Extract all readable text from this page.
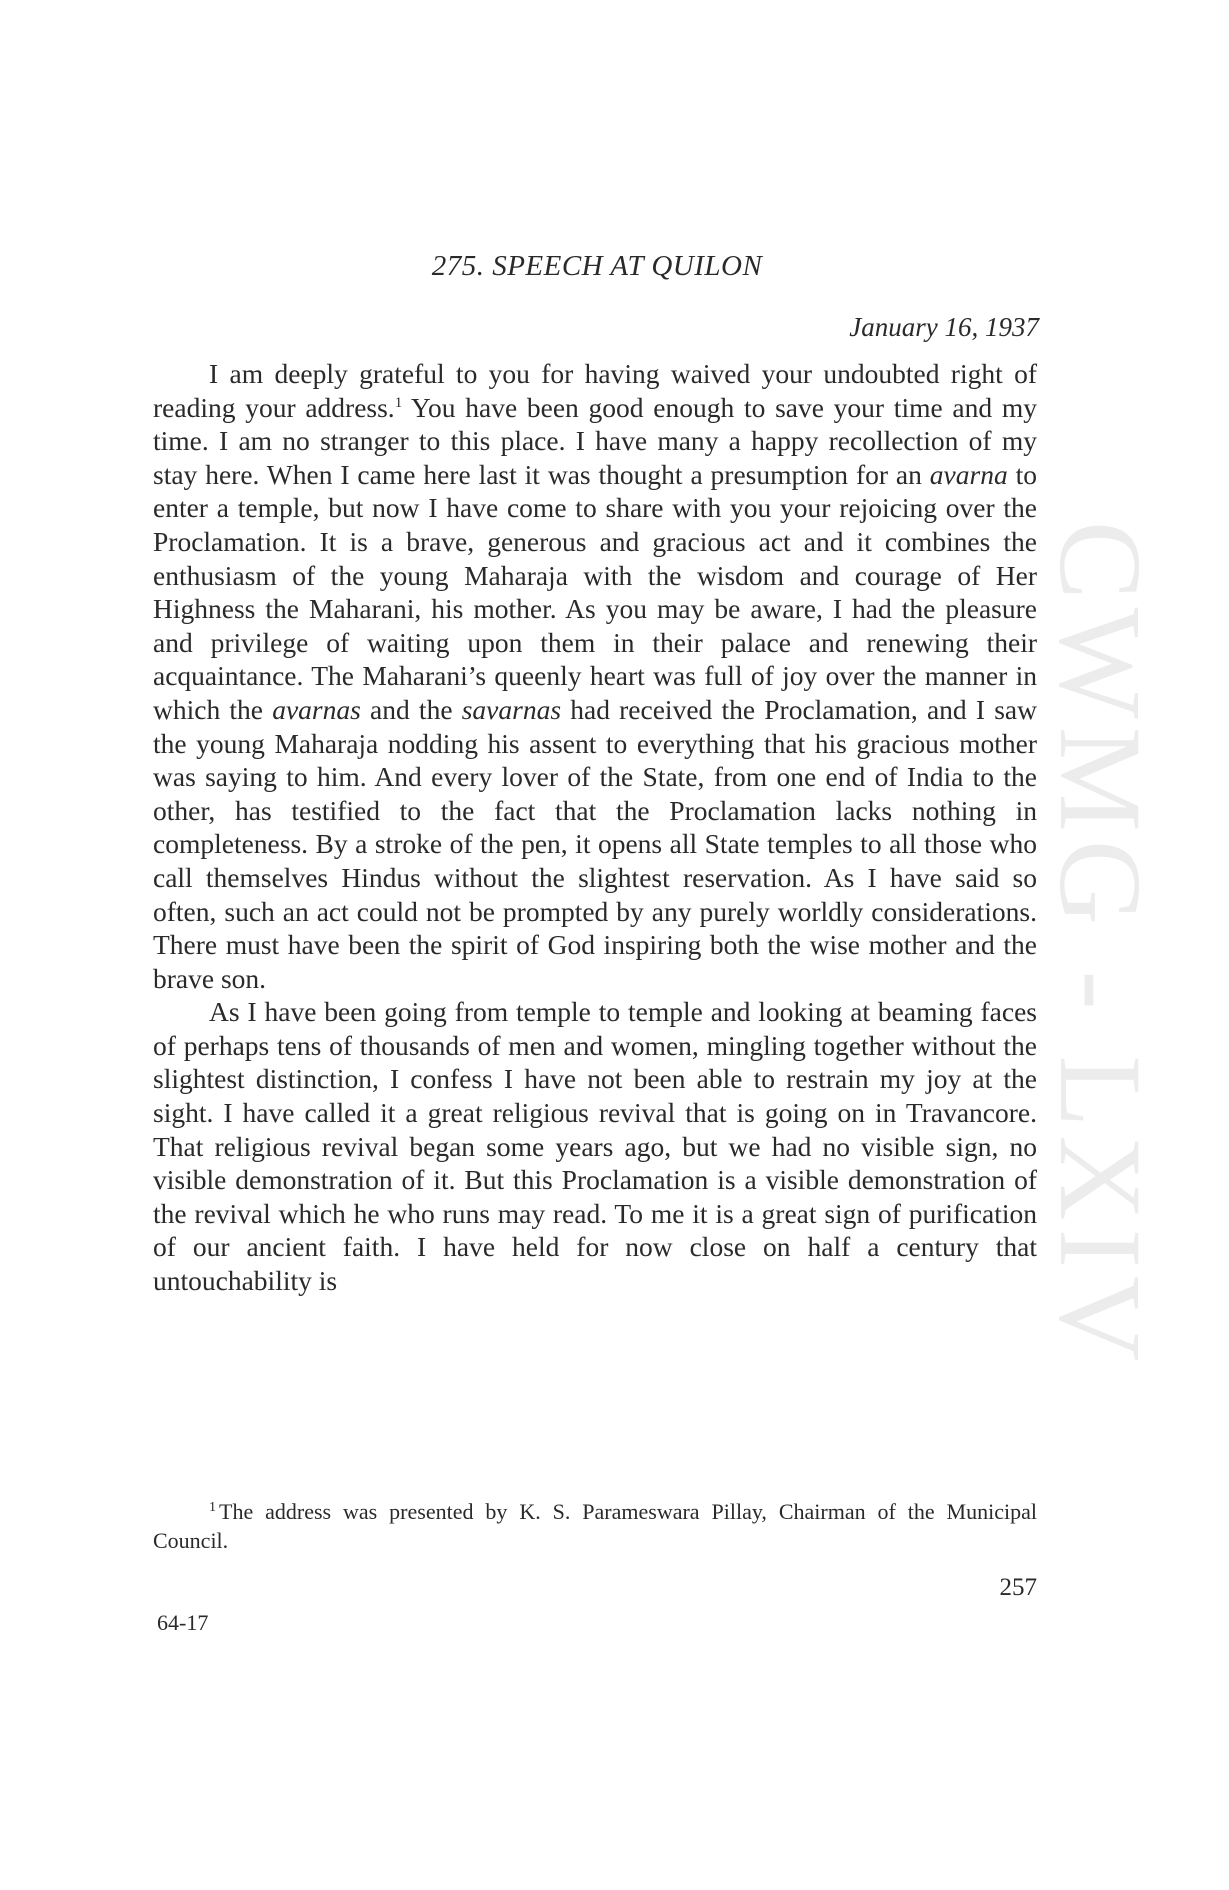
CWMG - LXIV
275. SPEECH AT QUILON
January 16, 1937

I am deeply grateful to you for having waived your undoubted right of reading your address.$^1$ You have been good enough to save your time and my time. I am no stranger to this place. I have many a happy recollection of my stay here. When I came here last it was thought a presumption for an avarna to enter a temple, but now I have come to share with you your rejoicing over the Proclamation. It is a brave, generous and gracious act and it combines the enthusiasm of the young Maharaja with the wisdom and courage of Her Highness the Maharani, his mother. As you may be aware, I had the pleasure and privilege of waiting upon them in their palace and renewing their acquaintance. The Maharani’s queenly heart was full of joy over the manner in which the avarnas and the savarnas had received the Proclamation, and I saw the young Maharaja nodding his assent to everything that his gracious mother was saying to him. And every lover of the State, from one end of India to the other, has testified to the fact that the Proclamation lacks nothing in completeness. By a stroke of the pen, it opens all State temples to all those who call themselves Hindus without the slightest reservation. As I have said so often, such an act could not be prompted by any purely worldly considerations. There must have been the spirit of God inspiring both the wise mother and the brave son.

As I have been going from temple to temple and looking at beaming faces of perhaps tens of thousands of men and women, mingling together without the slightest distinction, I confess I have not been able to restrain my joy at the sight. I have called it a great religious revival that is going on in Travancore. That religious revival began some years ago, but we had no visible sign, no visible demonstration of it. But this Proclamation is a visible demonstration of the revival which he who runs may read. To me it is a great sign of purification of our ancient faith. I have held for now close on half a century that untouchability is

1 The address was presented by K. S. Parameswara Pillay, Chairman of the Municipal Council.
257
64-17
